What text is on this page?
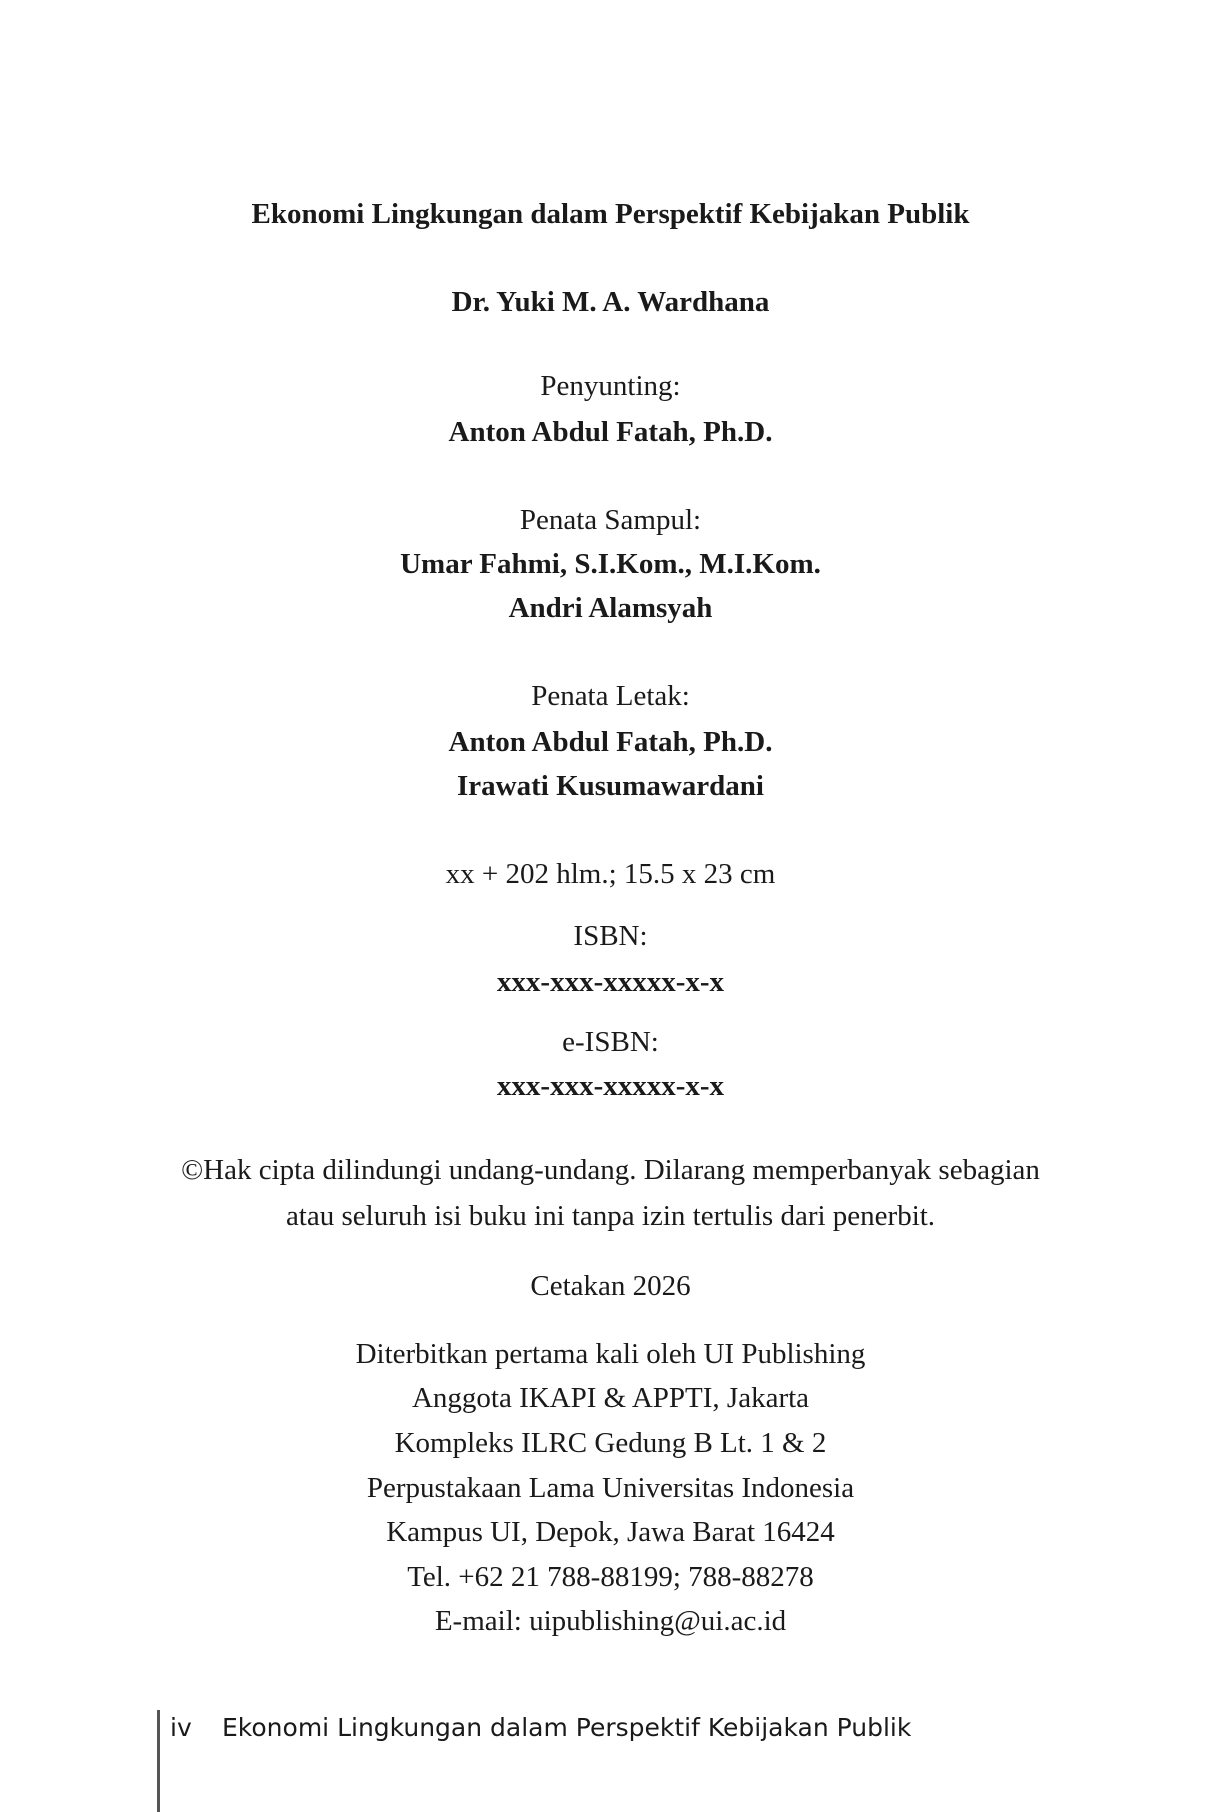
Ekonomi Lingkungan dalam Perspektif Kebijakan Publik
Dr. Yuki M. A. Wardhana
Penyunting:
Anton Abdul Fatah, Ph.D.
Penata Sampul:
Umar Fahmi, S.I.Kom., M.I.Kom.
Andri Alamsyah
Penata Letak:
Anton Abdul Fatah, Ph.D.
Irawati Kusumawardani
xx + 202 hlm.; 15.5 x 23 cm
ISBN:
xxx-xxx-xxxxx-x-x
e-ISBN:
xxx-xxx-xxxxx-x-x
©Hak cipta dilindungi undang-undang. Dilarang memperbanyak sebagian
atau seluruh isi buku ini tanpa izin tertulis dari penerbit.
Cetakan 2026
Diterbitkan pertama kali oleh UI Publishing
Anggota IKAPI & APPTI, Jakarta
Kompleks ILRC Gedung B Lt. 1 & 2
Perpustakaan Lama Universitas Indonesia
Kampus UI, Depok, Jawa Barat 16424
Tel. +62 21 788-88199; 788-88278
E-mail: uipublishing@ui.ac.id
iv Ekonomi Lingkungan dalam Perspektif Kebijakan Publik
